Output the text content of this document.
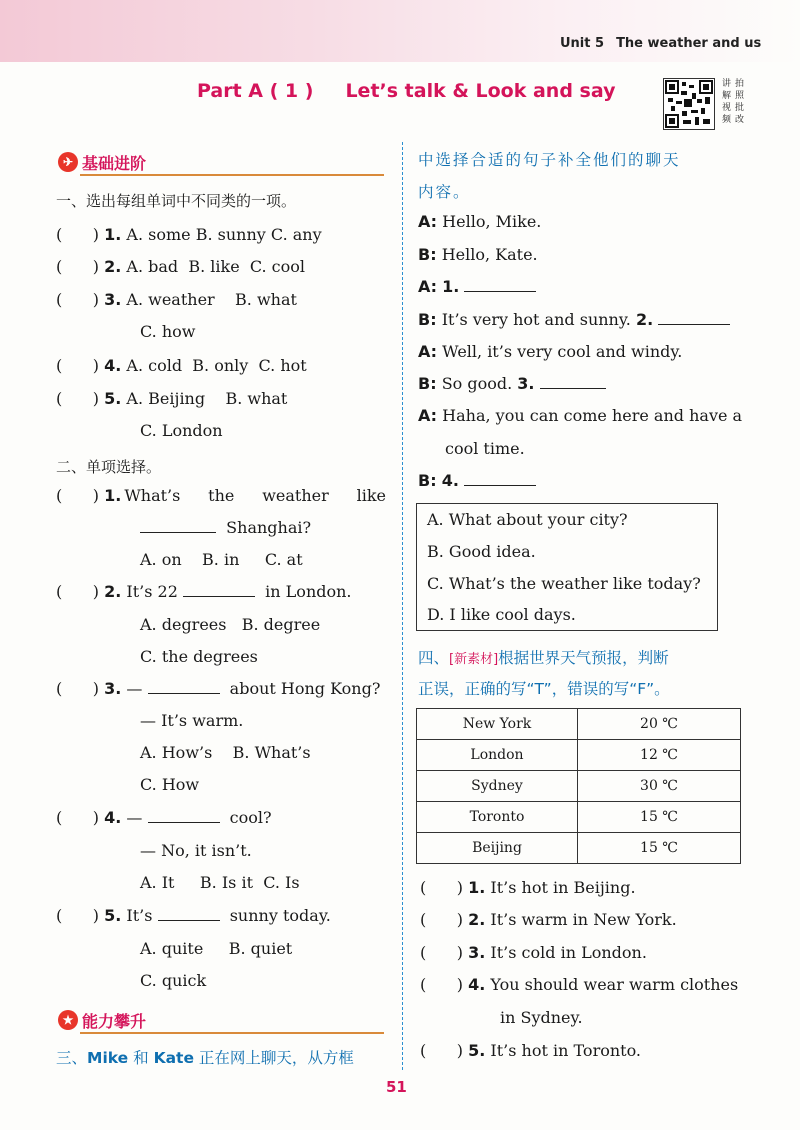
Unit 5 The weather and us
Part A ( 1 ) Let’s talk & Look and say	讲 拍
解 照
视 批
频 改
✈ 基础进阶
一、选出每组单词中不同类的一项。
(      ) 1. A. some B. sunny C. any
(      ) 2. A. bad B. like C. cool
(      ) 3. A. weather B. what
C. how
(      ) 4. A. cold B. only C. hot
(      ) 5. A. Beijing B. what
C. London
二、单项选择。
(      ) 1. What’s the weather like
Shanghai?
A. on B. in C. at
(      ) 2. It’s 22	in London.
A. degrees B. degree
C. the degrees
(      ) 3. —	about Hong Kong?
— It’s warm.
A. How’s B. What’s
C. How
(      ) 4. —	cool?
— No, it isn’t.
A. It B. Is it C. Is
(      ) 5. It’s	sunny today.
A. quite B. quiet
C. quick
★ 能力攀升
三、Mike 和 Kate 正在网上聊天，从方框
中选择合适的句子补全他们的聊天
内容。
A: Hello, Mike.
B: Hello, Kate.
A: 1.
B: It’s very hot and sunny. 2.
A: Well, it’s very cool and windy.
B: So good. 3.
A: Haha, you can come here and have a
cool time.
B: 4.
A. What about your city?
B. Good idea.
C. What’s the weather like today?
D. I like cool days.
四、[新素材]根据世界天气预报，判断
正误，正确的写“T”，错误的写“F”。
New York	20 ℃
London	12 ℃
Sydney	30 ℃
Toronto	15 ℃
Beijing	15 ℃
(      ) 1. It’s hot in Beijing.
(      ) 2. It’s warm in New York.
(      ) 3. It’s cold in London.
(      ) 4. You should wear warm clothes
in Sydney.
(      ) 5. It’s hot in Toronto.
51
